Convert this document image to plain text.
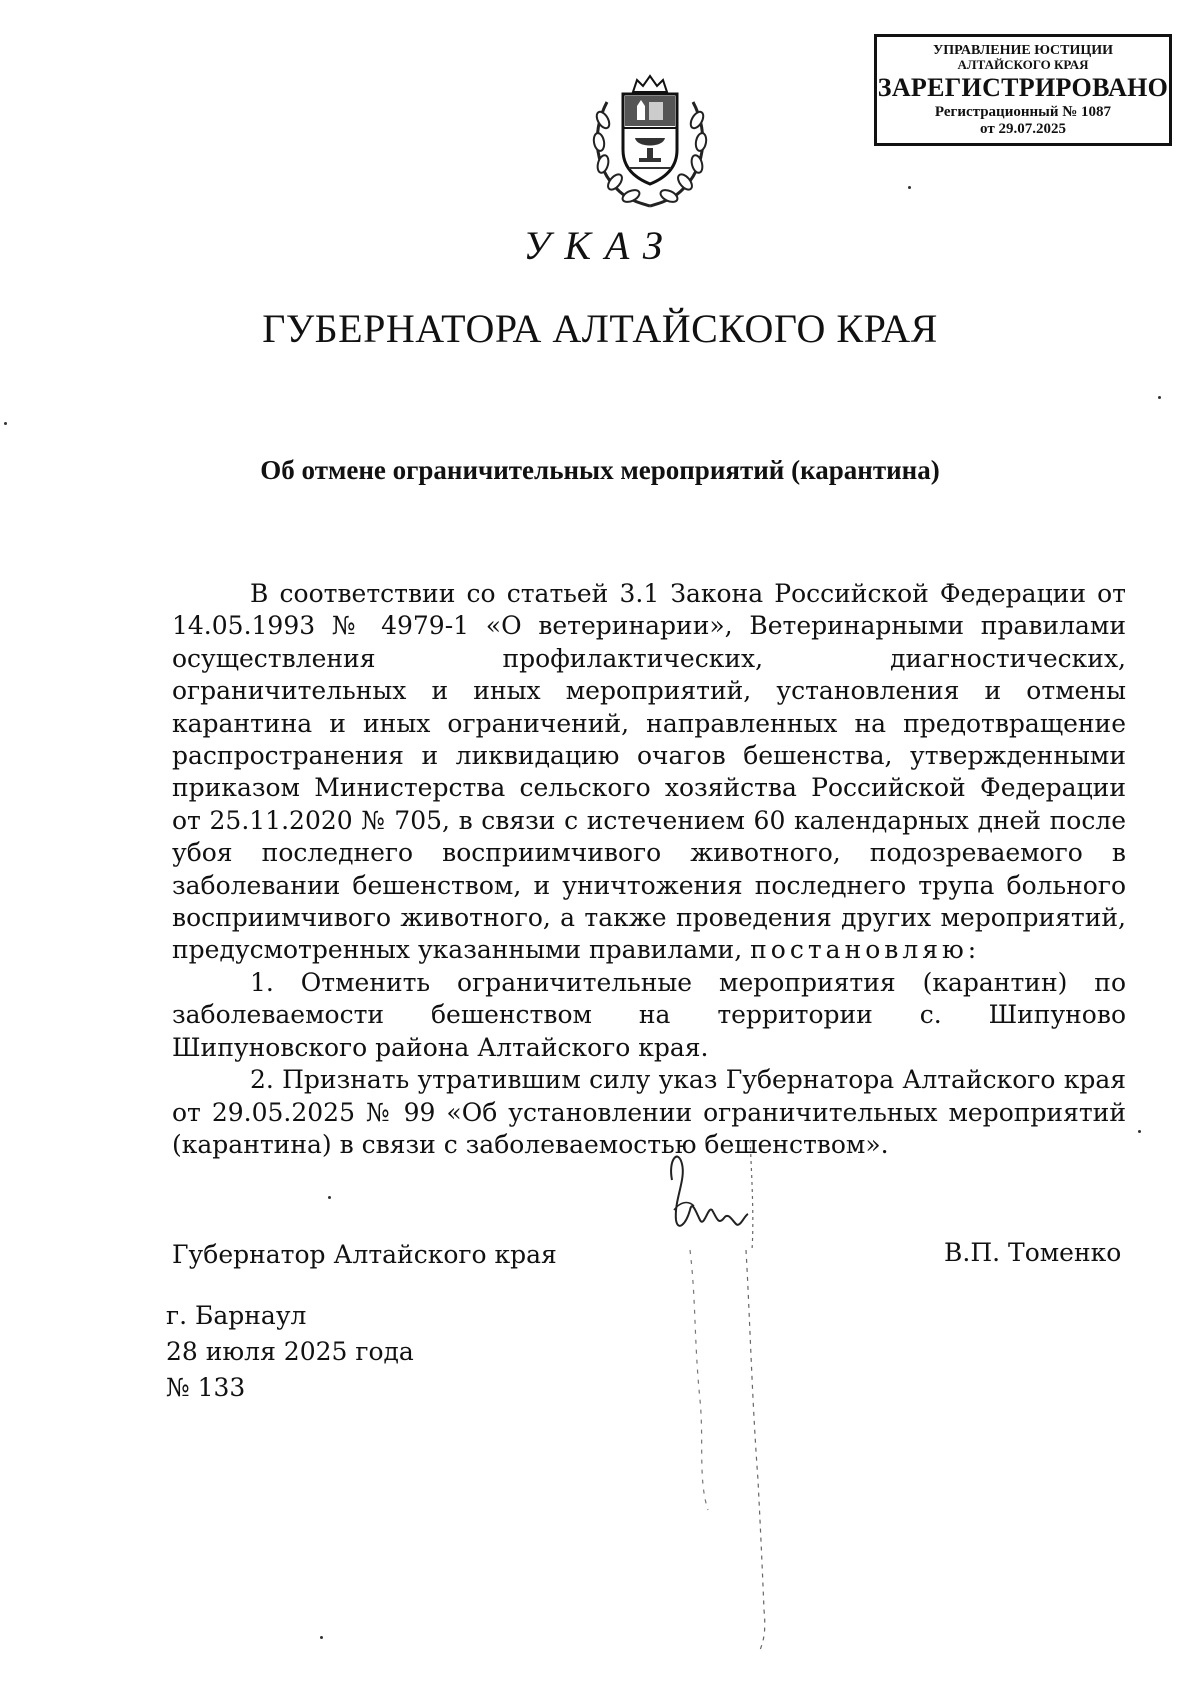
УПРАВЛЕНИЕ ЮСТИЦИИ
АЛТАЙСКОГО КРАЯ
ЗАРЕГИСТРИРОВАНО
Регистрационный № 1087
от 29.07.2025
УКАЗ
ГУБЕРНАТОРА АЛТАЙСКОГО КРАЯ
Об отмене ограничительных мероприятий (карантина)

В соответствии со статьей 3.1 Закона Российской Федерации от 14.05.1993 № 4979-1 «О ветеринарии», Ветеринарными правилами осуществления профилактических, диагностических, ограничительных и иных мероприятий, установления и отмены карантина и иных ограничений, направленных на предотвращение распространения и ликвидацию очагов бешенства, утвержденными приказом Министерства сельского хозяйства Российской Федерации от 25.11.2020 № 705, в связи с истечением 60 календарных дней после убоя последнего восприимчивого животного, подозреваемого в заболевании бешенством, и уничтожения последнего трупа больного восприимчивого животного, а также проведения других мероприятий, предусмотренных указанными правилами, постановляю:

1. Отменить ограничительные мероприятия (карантин) по заболеваемости бешенством на территории с. Шипуново Шипуновского района Алтайского края.

2. Признать утратившим силу указ Губернатора Алтайского края от 29.05.2025 № 99 «Об установлении ограничительных мероприятий (карантина) в связи с заболеваемостью бешенством».

Губернатор Алтайского края	В.П. Томенко
г. Барнаул
28 июля 2025 года
№ 133
